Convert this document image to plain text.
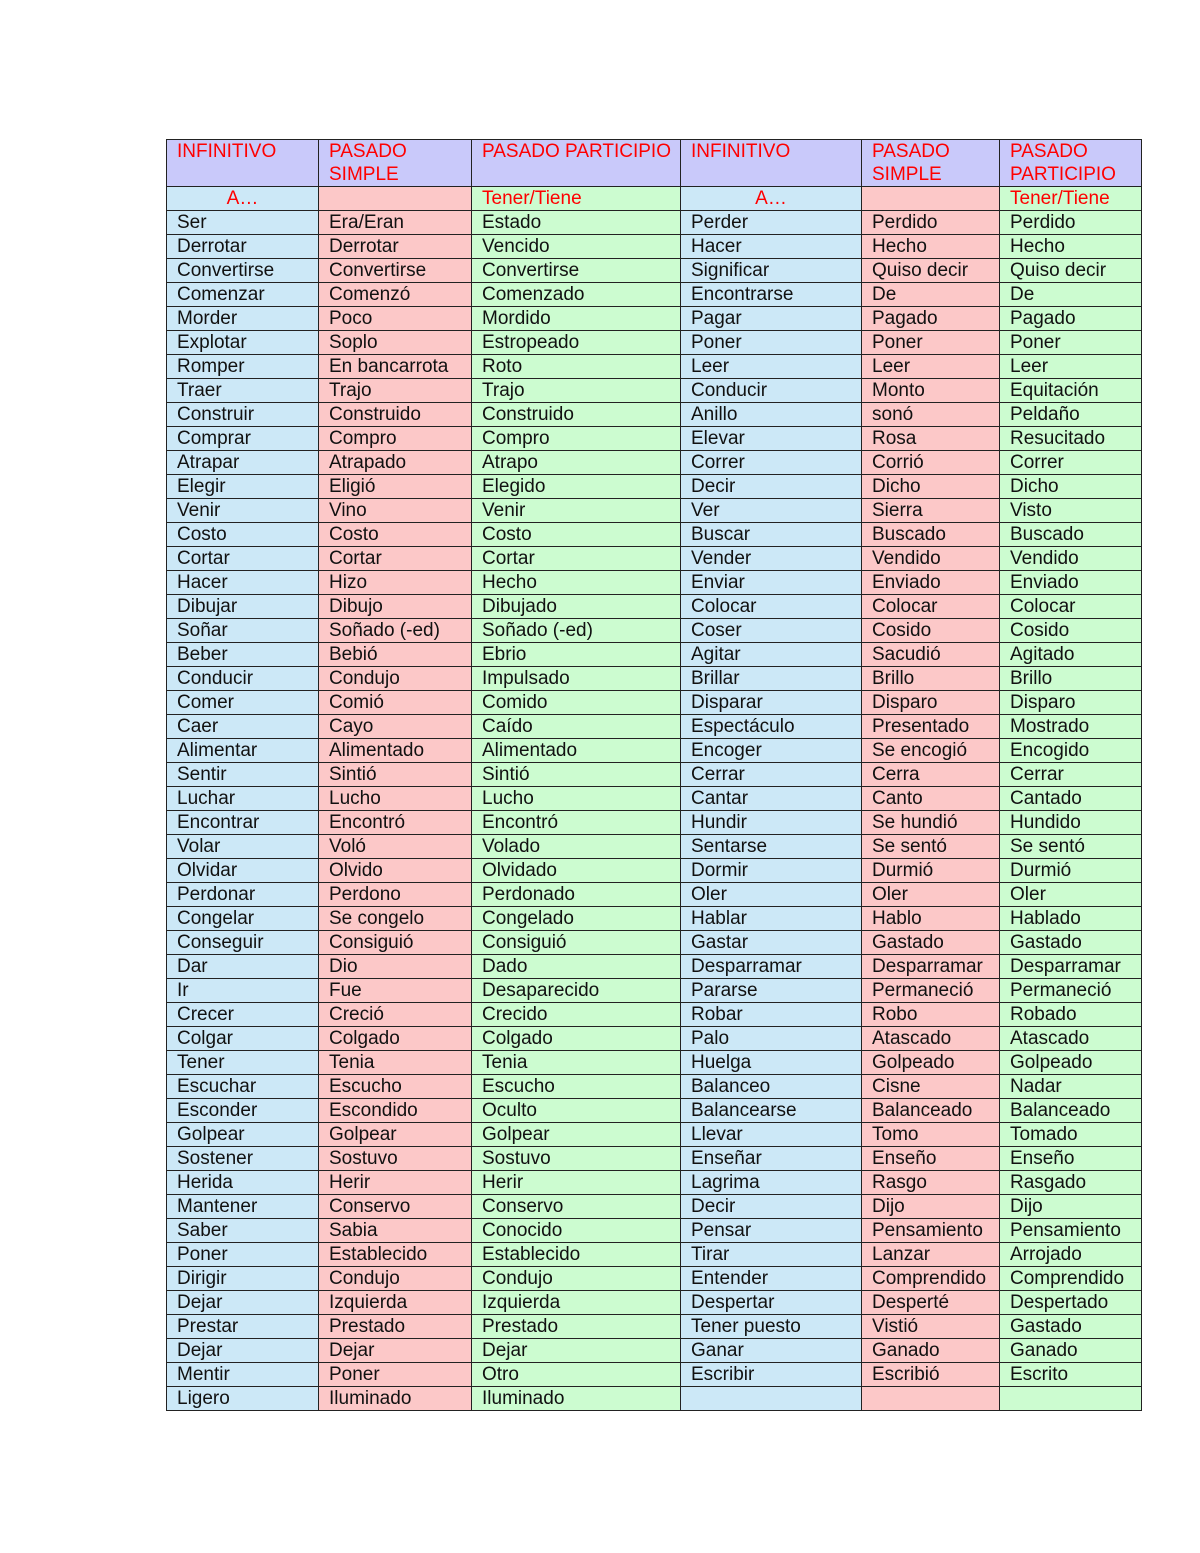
INFINITIVO	PASADO SIMPLE	PASADO PARTICIPIO	INFINITIVO	PASADO SIMPLE	PASADO PARTICIPIO
A…		Tener/Tiene	A…		Tener/Tiene
Ser	Era/Eran	Estado	Perder	Perdido	Perdido
Derrotar	Derrotar	Vencido	Hacer	Hecho	Hecho
Convertirse	Convertirse	Convertirse	Significar	Quiso decir	Quiso decir
Comenzar	Comenzó	Comenzado	Encontrarse	De	De
Morder	Poco	Mordido	Pagar	Pagado	Pagado
Explotar	Soplo	Estropeado	Poner	Poner	Poner
Romper	En bancarrota	Roto	Leer	Leer	Leer
Traer	Trajo	Trajo	Conducir	Monto	Equitación
Construir	Construido	Construido	Anillo	sonó	Peldaño
Comprar	Compro	Compro	Elevar	Rosa	Resucitado
Atrapar	Atrapado	Atrapo	Correr	Corrió	Correr
Elegir	Eligió	Elegido	Decir	Dicho	Dicho
Venir	Vino	Venir	Ver	Sierra	Visto
Costo	Costo	Costo	Buscar	Buscado	Buscado
Cortar	Cortar	Cortar	Vender	Vendido	Vendido
Hacer	Hizo	Hecho	Enviar	Enviado	Enviado
Dibujar	Dibujo	Dibujado	Colocar	Colocar	Colocar
Soñar	Soñado (-ed)	Soñado (-ed)	Coser	Cosido	Cosido
Beber	Bebió	Ebrio	Agitar	Sacudió	Agitado
Conducir	Condujo	Impulsado	Brillar	Brillo	Brillo
Comer	Comió	Comido	Disparar	Disparo	Disparo
Caer	Cayo	Caído	Espectáculo	Presentado	Mostrado
Alimentar	Alimentado	Alimentado	Encoger	Se encogió	Encogido
Sentir	Sintió	Sintió	Cerrar	Cerra	Cerrar
Luchar	Lucho	Lucho	Cantar	Canto	Cantado
Encontrar	Encontró	Encontró	Hundir	Se hundió	Hundido
Volar	Voló	Volado	Sentarse	Se sentó	Se sentó
Olvidar	Olvido	Olvidado	Dormir	Durmió	Durmió
Perdonar	Perdono	Perdonado	Oler	Oler	Oler
Congelar	Se congelo	Congelado	Hablar	Hablo	Hablado
Conseguir	Consiguió	Consiguió	Gastar	Gastado	Gastado
Dar	Dio	Dado	Desparramar	Desparramar	Desparramar
Ir	Fue	Desaparecido	Pararse	Permaneció	Permaneció
Crecer	Creció	Crecido	Robar	Robo	Robado
Colgar	Colgado	Colgado	Palo	Atascado	Atascado
Tener	Tenia	Tenia	Huelga	Golpeado	Golpeado
Escuchar	Escucho	Escucho	Balanceo	Cisne	Nadar
Esconder	Escondido	Oculto	Balancearse	Balanceado	Balanceado
Golpear	Golpear	Golpear	Llevar	Tomo	Tomado
Sostener	Sostuvo	Sostuvo	Enseñar	Enseño	Enseño
Herida	Herir	Herir	Lagrima	Rasgo	Rasgado
Mantener	Conservo	Conservo	Decir	Dijo	Dijo
Saber	Sabia	Conocido	Pensar	Pensamiento	Pensamiento
Poner	Establecido	Establecido	Tirar	Lanzar	Arrojado
Dirigir	Condujo	Condujo	Entender	Comprendido	Comprendido
Dejar	Izquierda	Izquierda	Despertar	Desperté	Despertado
Prestar	Prestado	Prestado	Tener puesto	Vistió	Gastado
Dejar	Dejar	Dejar	Ganar	Ganado	Ganado
Mentir	Poner	Otro	Escribir	Escribió	Escrito
Ligero	Iluminado	Iluminado			
